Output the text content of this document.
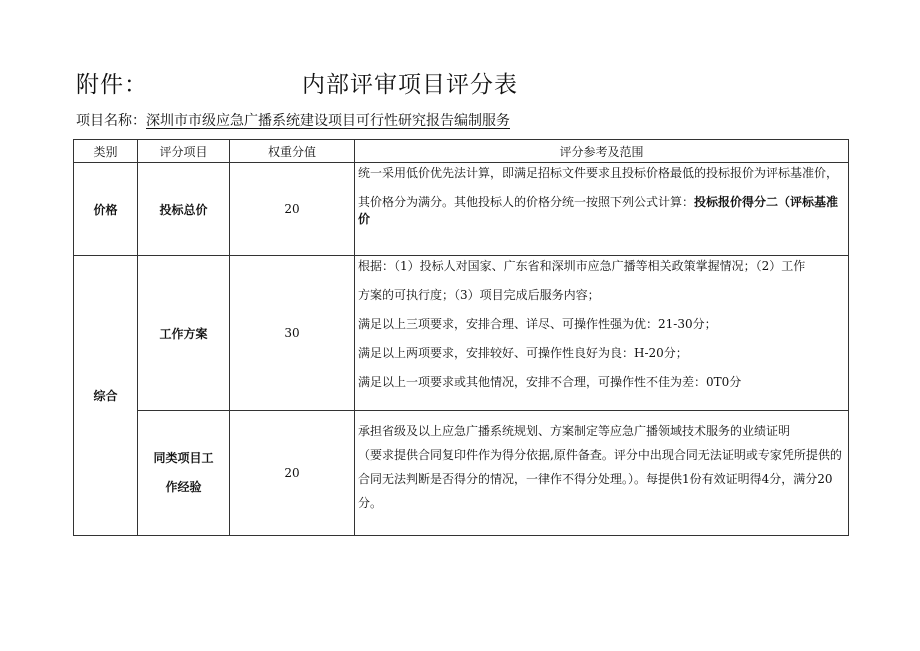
附件：	内部评审项目评分表
项目名称：深圳市市级应急广播系统建设项目可行性研究报告编制服务
类别	评分项目	权重分值	评分参考及范围
价格	投标总价	20	统一采用低价优先法计算，即满足招标文件要求且投标价格最低的投标报价为评标基准价，
其价格分为满分。其他投标人的价格分统一按照下列公式计算：投标报价得分二（评标基准价

综合	工作方案	30	根据：（1）投标人对国家、广东省和深圳市应急广播等相关政策掌握情况；（2）工作
方案的可执行度；（3）项目完成后服务内容；
满足以上三项要求，安排合理、详尽、可操作性强为优：21-30分；
满足以上两项要求，安排较好、可操作性良好为良：H-20分；
满足以上一项要求或其他情况，安排不合理，可操作性不佳为差：0T0分

	同类项目工
作经验	20	承担省级及以上应急广播系统规划、方案制定等应急广播领域技术服务的业绩证明
（要求提供合同复印件作为得分依据,原件备查。评分中出现合同无法证明或专家凭所提供的合同无法判断是否得分的情况，一律作不得分处理。）。每提供1份有效证明得4分，满分20分。
